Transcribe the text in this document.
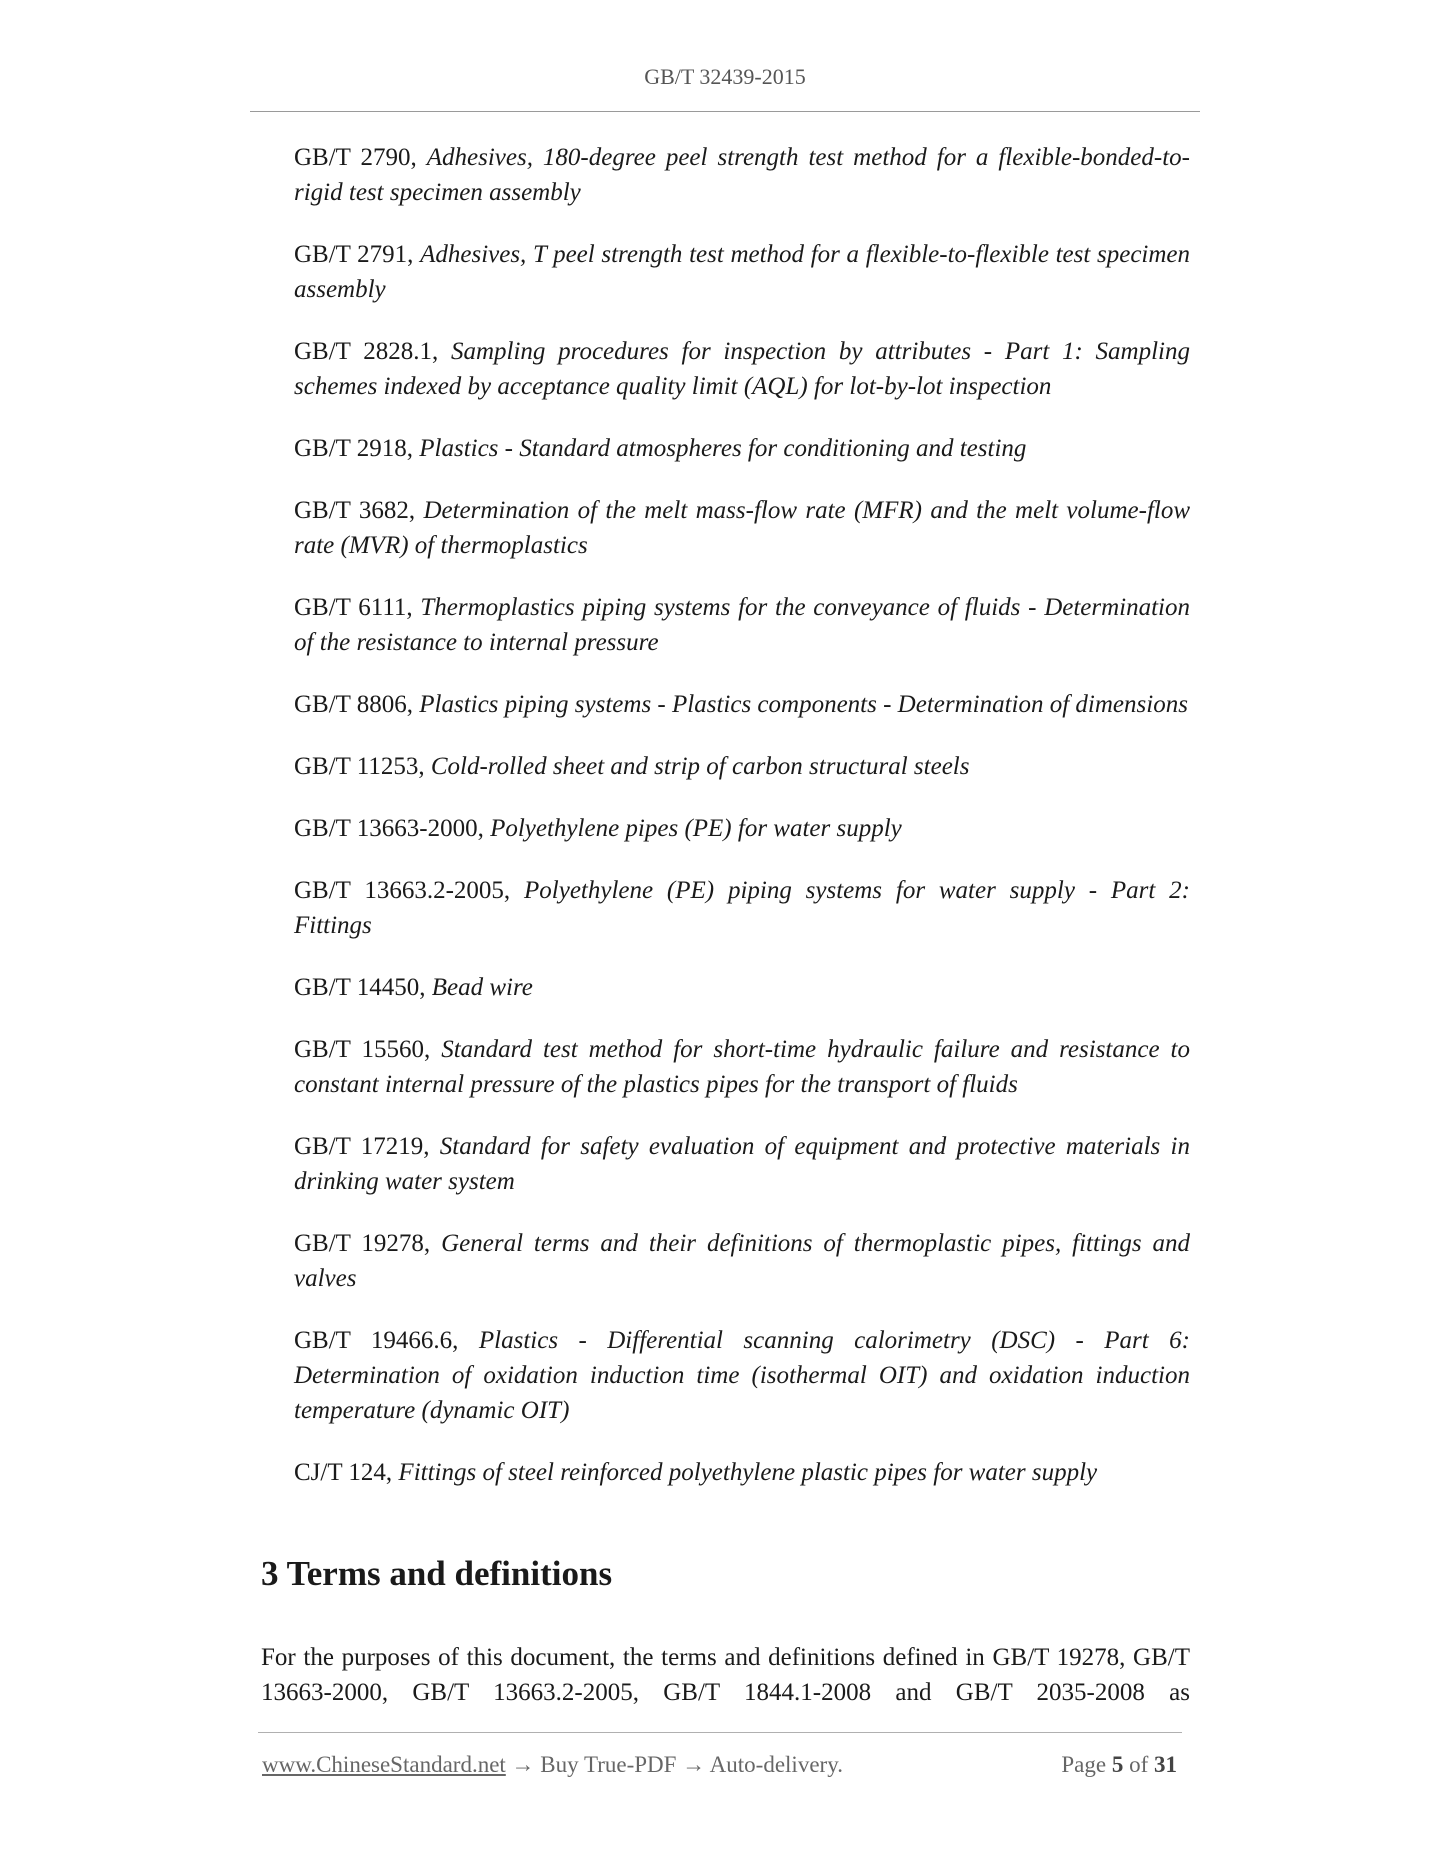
GB/T 32439-2015

GB/T 2790, Adhesives, 180-degree peel strength test method for a flexible-bonded-to-rigid test specimen assembly

GB/T 2791, Adhesives, T peel strength test method for a flexible-to-flexible test specimen assembly

GB/T 2828.1, Sampling procedures for inspection by attributes - Part 1: Sampling schemes indexed by acceptance quality limit (AQL) for lot-by-lot inspection

GB/T 2918, Plastics - Standard atmospheres for conditioning and testing

GB/T 3682, Determination of the melt mass-flow rate (MFR) and the melt volume-flow rate (MVR) of thermoplastics

GB/T 6111, Thermoplastics piping systems for the conveyance of fluids - Determination of the resistance to internal pressure

GB/T 8806, Plastics piping systems - Plastics components - Determination of dimensions

GB/T 11253, Cold-rolled sheet and strip of carbon structural steels

GB/T 13663-2000, Polyethylene pipes (PE) for water supply

GB/T 13663.2-2005, Polyethylene (PE) piping systems for water supply - Part 2: Fittings

GB/T 14450, Bead wire

GB/T 15560, Standard test method for short-time hydraulic failure and resistance to constant internal pressure of the plastics pipes for the transport of fluids

GB/T 17219, Standard for safety evaluation of equipment and protective materials in drinking water system

GB/T 19278, General terms and their definitions of thermoplastic pipes, fittings and valves

GB/T 19466.6, Plastics - Differential scanning calorimetry (DSC) - Part 6: Determination of oxidation induction time (isothermal OIT) and oxidation induction temperature (dynamic OIT)

CJ/T 124, Fittings of steel reinforced polyethylene plastic pipes for water supply

3 Terms and definitions

For the purposes of this document, the terms and definitions defined in GB/T 19278, GB/T 13663-2000, GB/T 13663.2-2005, GB/T 1844.1-2008 and GB/T 2035-2008 as

www.ChineseStandard.net → Buy True-PDF → Auto-delivery.	Page 5 of 31
